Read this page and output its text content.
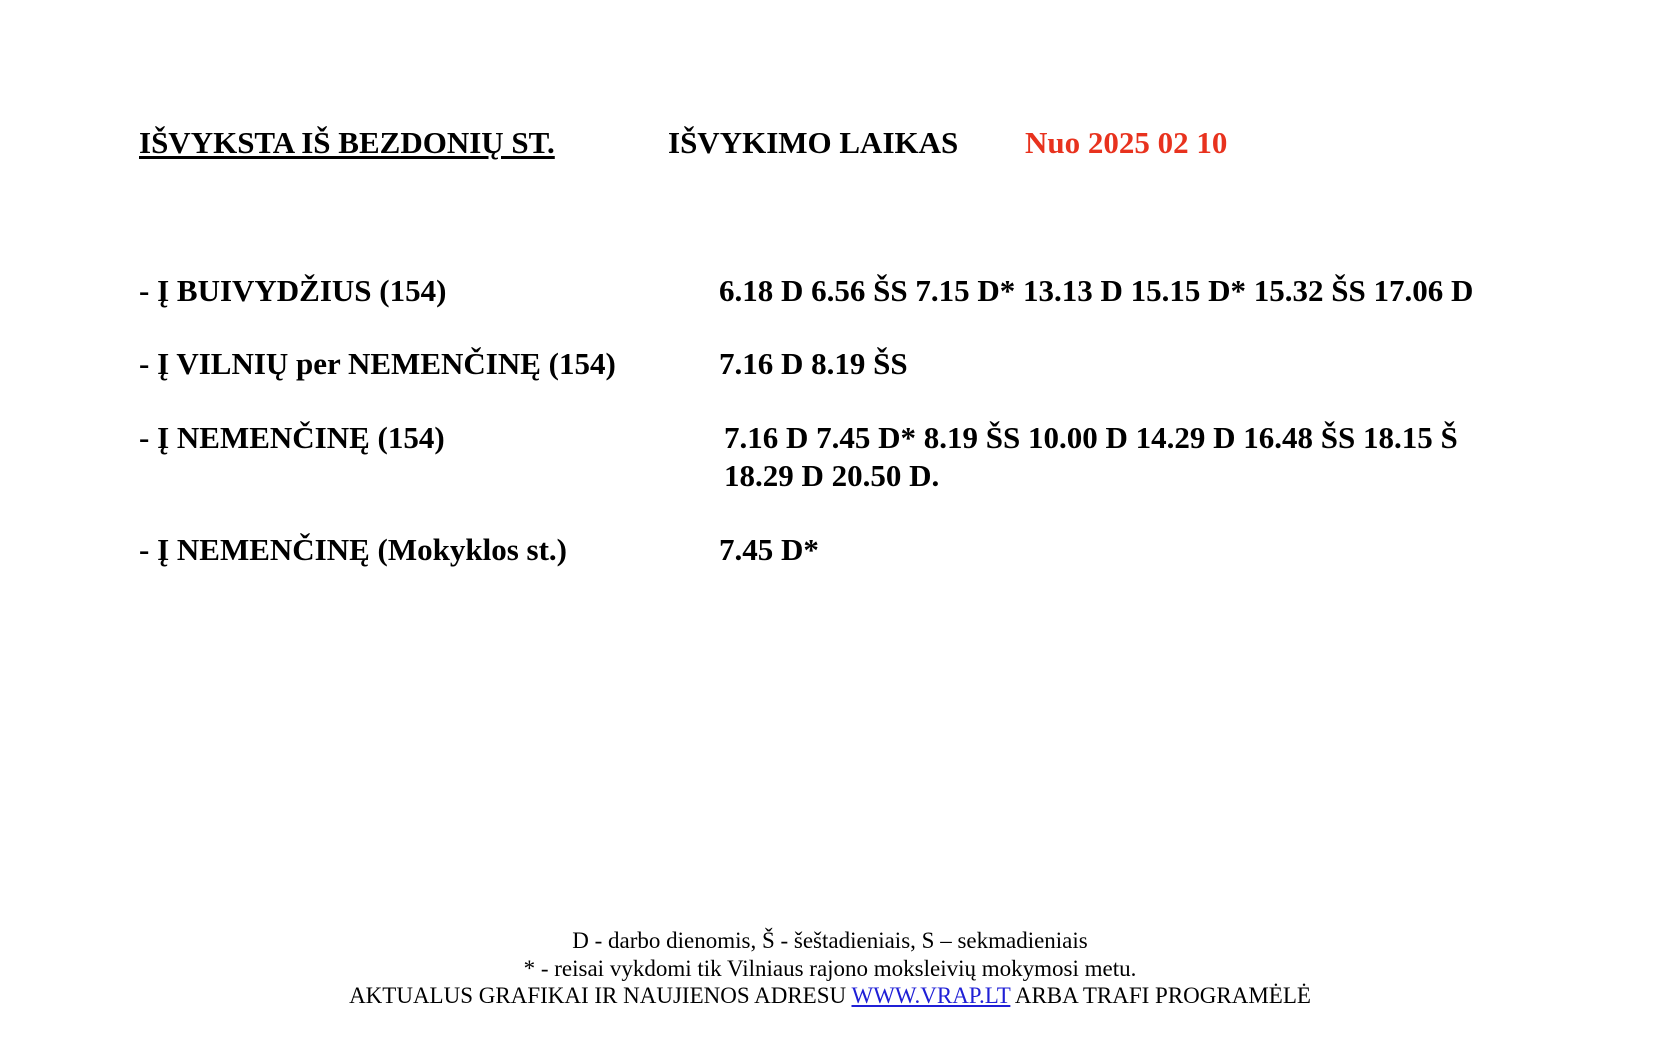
IŠVYKSTA IŠ BEZDONIŲ ST.	IŠVYKIMO LAIKAS Nuo 2025 02 10
- Į BUIVYDŽIUS (154)	6.18 D 6.56 ŠS 7.15 D* 13.13 D 15.15 D* 15.32 ŠS 17.06 D
- Į VILNIŲ per NEMENČINĘ (154)	7.16 D 8.19 ŠS
- Į NEMENČINĘ (154)	7.16 D 7.45 D* 8.19 ŠS 10.00 D 14.29 D 16.48 ŠS 18.15 Š
18.29 D 20.50 D.
- Į NEMENČINĘ (Mokyklos st.)	7.45 D*
D - darbo dienomis, Š - šeštadieniais, S – sekmadieniais
* - reisai vykdomi tik Vilniaus rajono moksleivių mokymosi metu.
AKTUALUS GRAFIKAI IR NAUJIENOS ADRESU WWW.VRAP.LT ARBA TRAFI PROGRAMĖLĖ
